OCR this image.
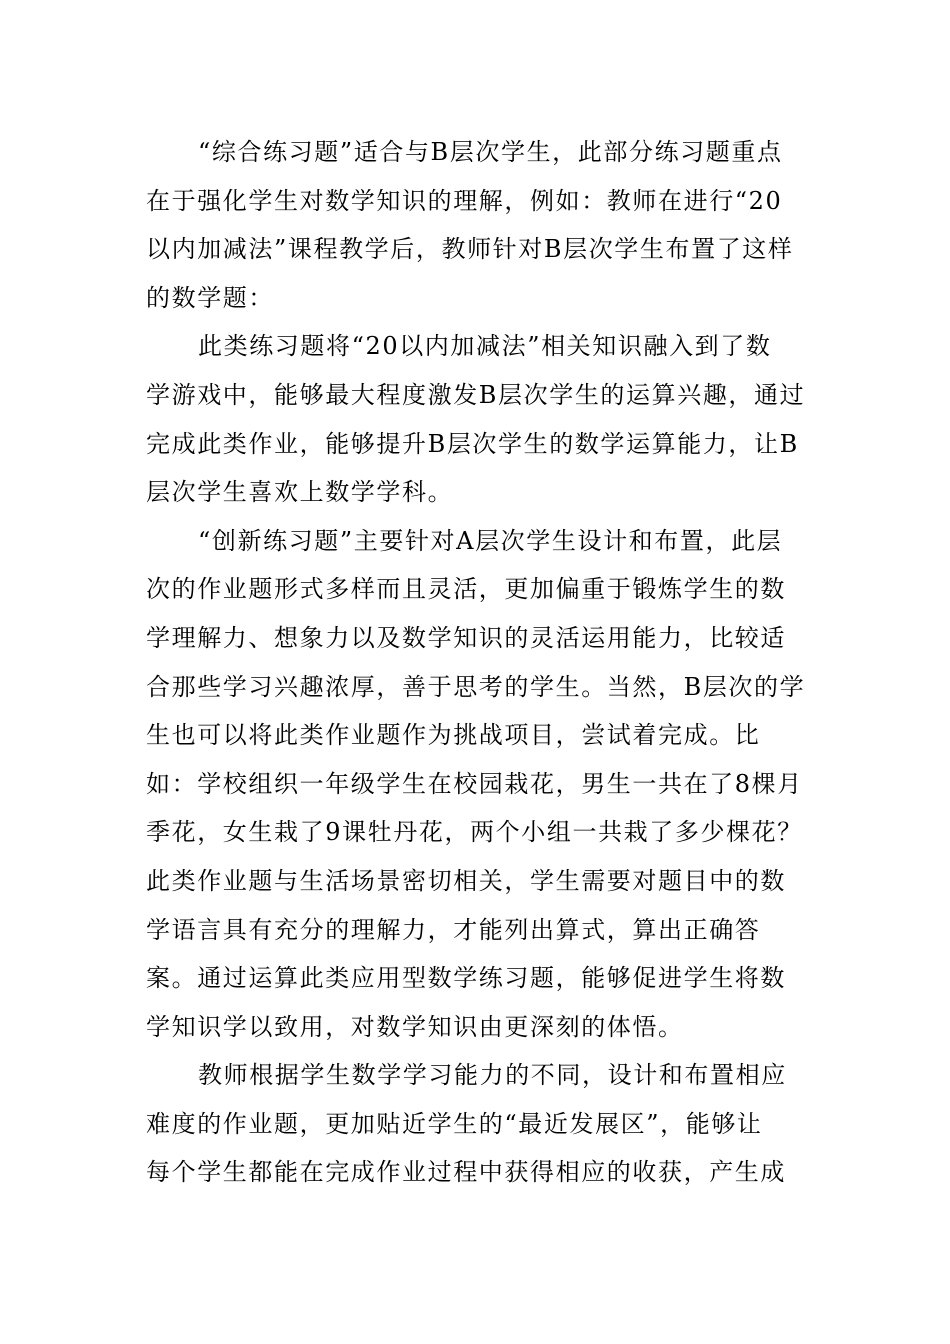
“综合练习题”适合与B层次学生，此部分练习题重点
在于强化学生对数学知识的理解，例如：教师在进行“20
以内加减法”课程教学后，教师针对B层次学生布置了这样
的数学题：
此类练习题将“20以内加减法”相关知识融入到了数
学游戏中，能够最大程度激发B层次学生的运算兴趣，通过
完成此类作业，能够提升B层次学生的数学运算能力，让B
层次学生喜欢上数学学科。
“创新练习题”主要针对A层次学生设计和布置，此层
次的作业题形式多样而且灵活，更加偏重于锻炼学生的数
学理解力、想象力以及数学知识的灵活运用能力，比较适
合那些学习兴趣浓厚，善于思考的学生。当然，B层次的学
生也可以将此类作业题作为挑战项目，尝试着完成。比
如：学校组织一年级学生在校园栽花，男生一共在了8棵月
季花，女生栽了9课牡丹花，两个小组一共栽了多少棵花？
此类作业题与生活场景密切相关，学生需要对题目中的数
学语言具有充分的理解力，才能列出算式，算出正确答
案。通过运算此类应用型数学练习题，能够促进学生将数
学知识学以致用，对数学知识由更深刻的体悟。
教师根据学生数学学习能力的不同，设计和布置相应
难度的作业题，更加贴近学生的“最近发展区”，能够让
每个学生都能在完成作业过程中获得相应的收获，产生成
